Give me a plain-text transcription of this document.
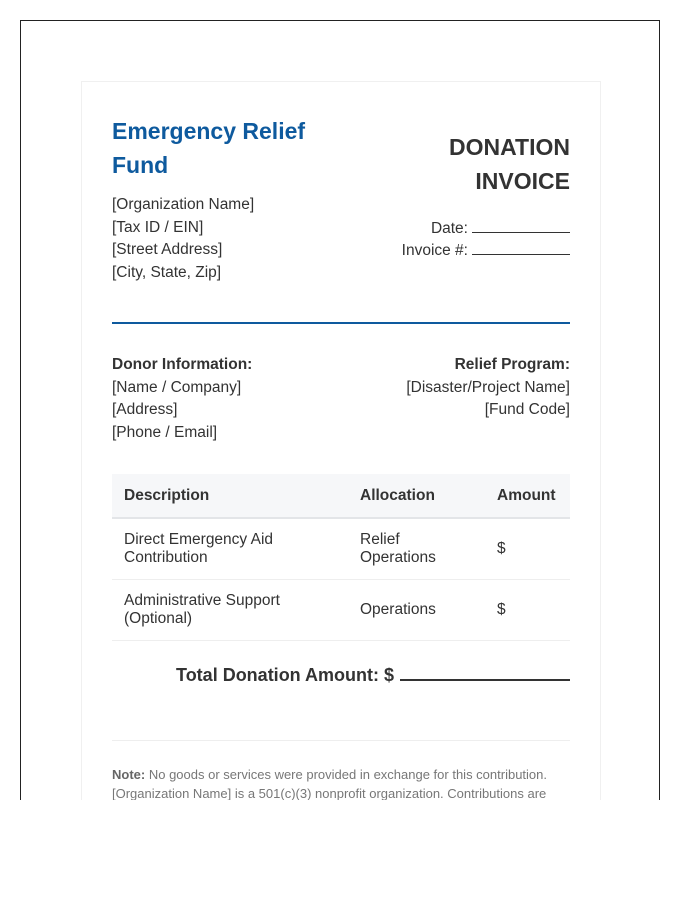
Emergency Relief Fund
[Organization Name]
[Tax ID / EIN]
[Street Address]
[City, State, Zip]
DONATION
INVOICE
Date:
Invoice #:
Donor Information:
[Name / Company]
[Address]
[Phone / Email]
Relief Program:
[Disaster/Project Name]
[Fund Code]
Description	Allocation	Amount
Direct Emergency Aid Contribution	Relief Operations	$
Administrative Support (Optional)	Operations	$
Total Donation Amount: $
Note: No goods or services were provided in exchange for this contribution. [Organization Name] is a 501(c)(3) nonprofit organization. Contributions are
